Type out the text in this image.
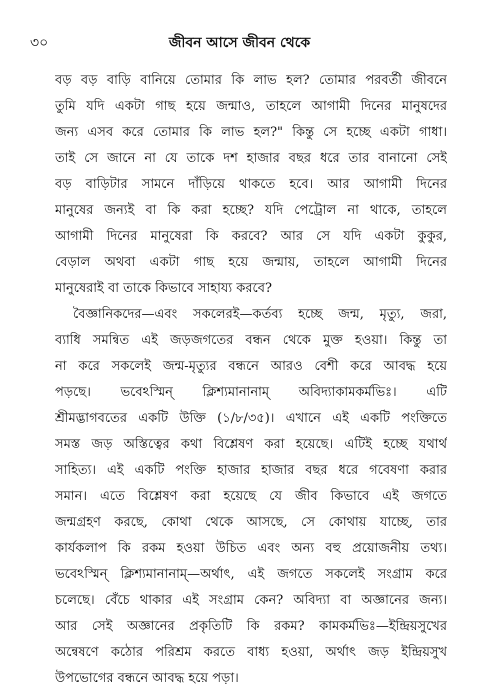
৩০	জীবন আসে জীবন থেকে
বড় বড় বাড়ি বানিয়ে তোমার কি লাভ হল? তোমার পরবর্তী জীবনে
তুমি যদি একটা গাছ হয়ে জন্মাও, তাহলে আগামী দিনের মানুষদের
জন্য এসব করে তোমার কি লাভ হল?" কিন্তু সে হচ্ছে একটা গাধা।
তাই সে জানে না যে তাকে দশ হাজার বছর ধরে তার বানানো সেই
বড় বাড়িটার সামনে দাঁড়িয়ে থাকতে হবে। আর আগামী দিনের
মানুষের জন্যই বা কি করা হচ্ছে? যদি পেট্রোল না থাকে, তাহলে
আগামী দিনের মানুষেরা কি করবে? আর সে যদি একটা কুকুর,
বেড়াল অথবা একটা গাছ হয়ে জন্মায়, তাহলে আগামী দিনের
মানুষেরাই বা তাকে কিভাবে সাহায্য করবে?
বৈজ্ঞানিকদের—এবং সকলেরই—কর্তব্য হচ্ছে জন্ম, মৃত্যু, জরা,
ব্যাধি সমন্বিত এই জড়জগতের বন্ধন থেকে মুক্ত হওয়া। কিন্তু তা
না করে সকলেই জন্ম-মৃত্যুর বন্ধনে আরও বেশী করে আবদ্ধ হয়ে
পড়ছে। ভবেঽস্মিন্ ক্লিশ্যমানানাম্ অবিদ্যাকামকর্মভিঃ। এটি
শ্রীমদ্ভাগবতের একটি উক্তি (১/৮/৩৫)। এখানে এই একটি পংক্তিতে
সমস্ত জড় অস্তিত্বের কথা বিশ্লেষণ করা হয়েছে। এটিই হচ্ছে যথার্থ
সাহিত্য। এই একটি পংক্তি হাজার হাজার বছর ধরে গবেষণা করার
সমান। এতে বিশ্লেষণ করা হয়েছে যে জীব কিভাবে এই জগতে
জন্মগ্রহণ করছে, কোথা থেকে আসছে, সে কোথায় যাচ্ছে, তার
কার্যকলাপ কি রকম হওয়া উচিত এবং অন্য বহু প্রয়োজনীয় তথ্য।
ভবেঽস্মিন্ ক্লিশ্যমানানাম্—অর্থাৎ, এই জগতে সকলেই সংগ্রাম করে
চলেছে। বেঁচে থাকার এই সংগ্রাম কেন? অবিদ্যা বা অজ্ঞানের জন্য।
আর সেই অজ্ঞানের প্রকৃতিটি কি রকম? কামকর্মভিঃ—ইন্দ্রিয়সুখের
অন্বেষণে কঠোর পরিশ্রম করতে বাধ্য হওয়া, অর্থাৎ জড় ইন্দ্রিয়সুখ
উপভোগের বন্ধনে আবদ্ধ হয়ে পড়া।
